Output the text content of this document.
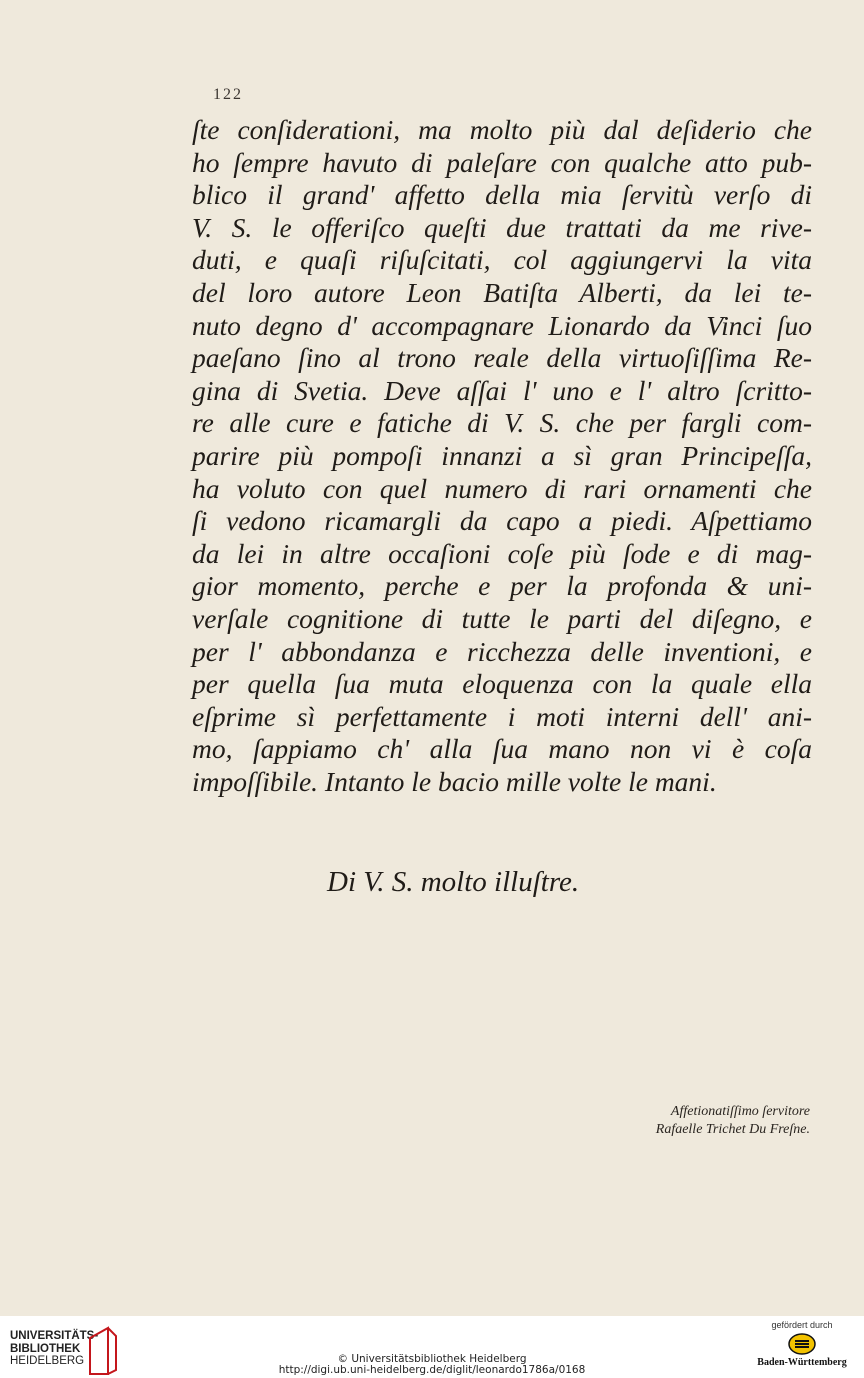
122

ſte conſiderationi, ma molto più dal deſiderio che
ho ſempre havuto di paleſare con qualche atto pub-
blico il grand' affetto della mia ſervitù verſo di
V. S. le offeriſco queſti due trattati da me rive-
duti, e quaſi riſuſcitati, col aggiungervi la vita
del loro autore Leon Batiſta Alberti, da lei te-
nuto degno d' accompagnare Lionardo da Vinci ſuo
paeſano ſino al trono reale della virtuoſiſſima Re-
gina di Svetia. Deve aſſai l' uno e l' altro ſcritto-
re alle cure e fatiche di V. S. che per fargli com-
parire più pompoſi innanzi a sì gran Principeſſa,
ha voluto con quel numero di rari ornamenti che
ſi vedono ricamargli da capo a piedi. Aſpettiamo
da lei in altre occaſioni coſe più ſode e di mag-
gior momento, perche e per la profonda & uni-
verſale cognitione di tutte le parti del diſegno, e
per l' abbondanza e ricchezza delle inventioni, e
per quella ſua muta eloquenza con la quale ella
eſprime sì perfettamente i moti interni dell' ani-
mo, ſappiamo ch' alla ſua mano non vi è coſa
impoſſibile. Intanto le bacio mille volte le mani.

Di V. S. molto illuſtre.
Affetionatiſſimo ſervitore
Rafaelle Trichet Du Freſne.
UNIVERSITÄTS-
BIBLIOTHEK
HEIDELBERG	© Universitätsbibliothek Heidelberg
http://digi.ub.uni-heidelberg.de/diglit/leonardo1786a/0168
gefördert durch
Baden-Württemberg
